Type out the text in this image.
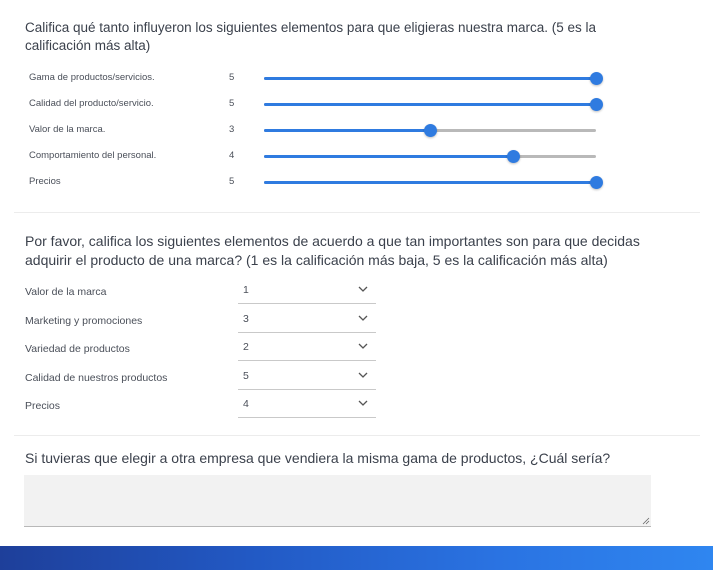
Califica qué tanto influyeron los siguientes elementos para que eligieras nuestra marca. (5 es la calificación más alta)
Gama de productos/servicios.	5
Calidad del producto/servicio.	5
Valor de la marca.	3
Comportamiento del personal.	4
Precios	5
Por favor, califica los siguientes elementos de acuerdo a que tan importantes son para que decidas adquirir el producto de una marca? (1 es la calificación más baja, 5 es la calificación más alta)
Valor de la marca	1
Marketing y promociones	3
Variedad de productos	2
Calidad de nuestros productos	5
Precios	4
Si tuvieras que elegir a otra empresa que vendiera la misma gama de productos, ¿Cuál sería?
